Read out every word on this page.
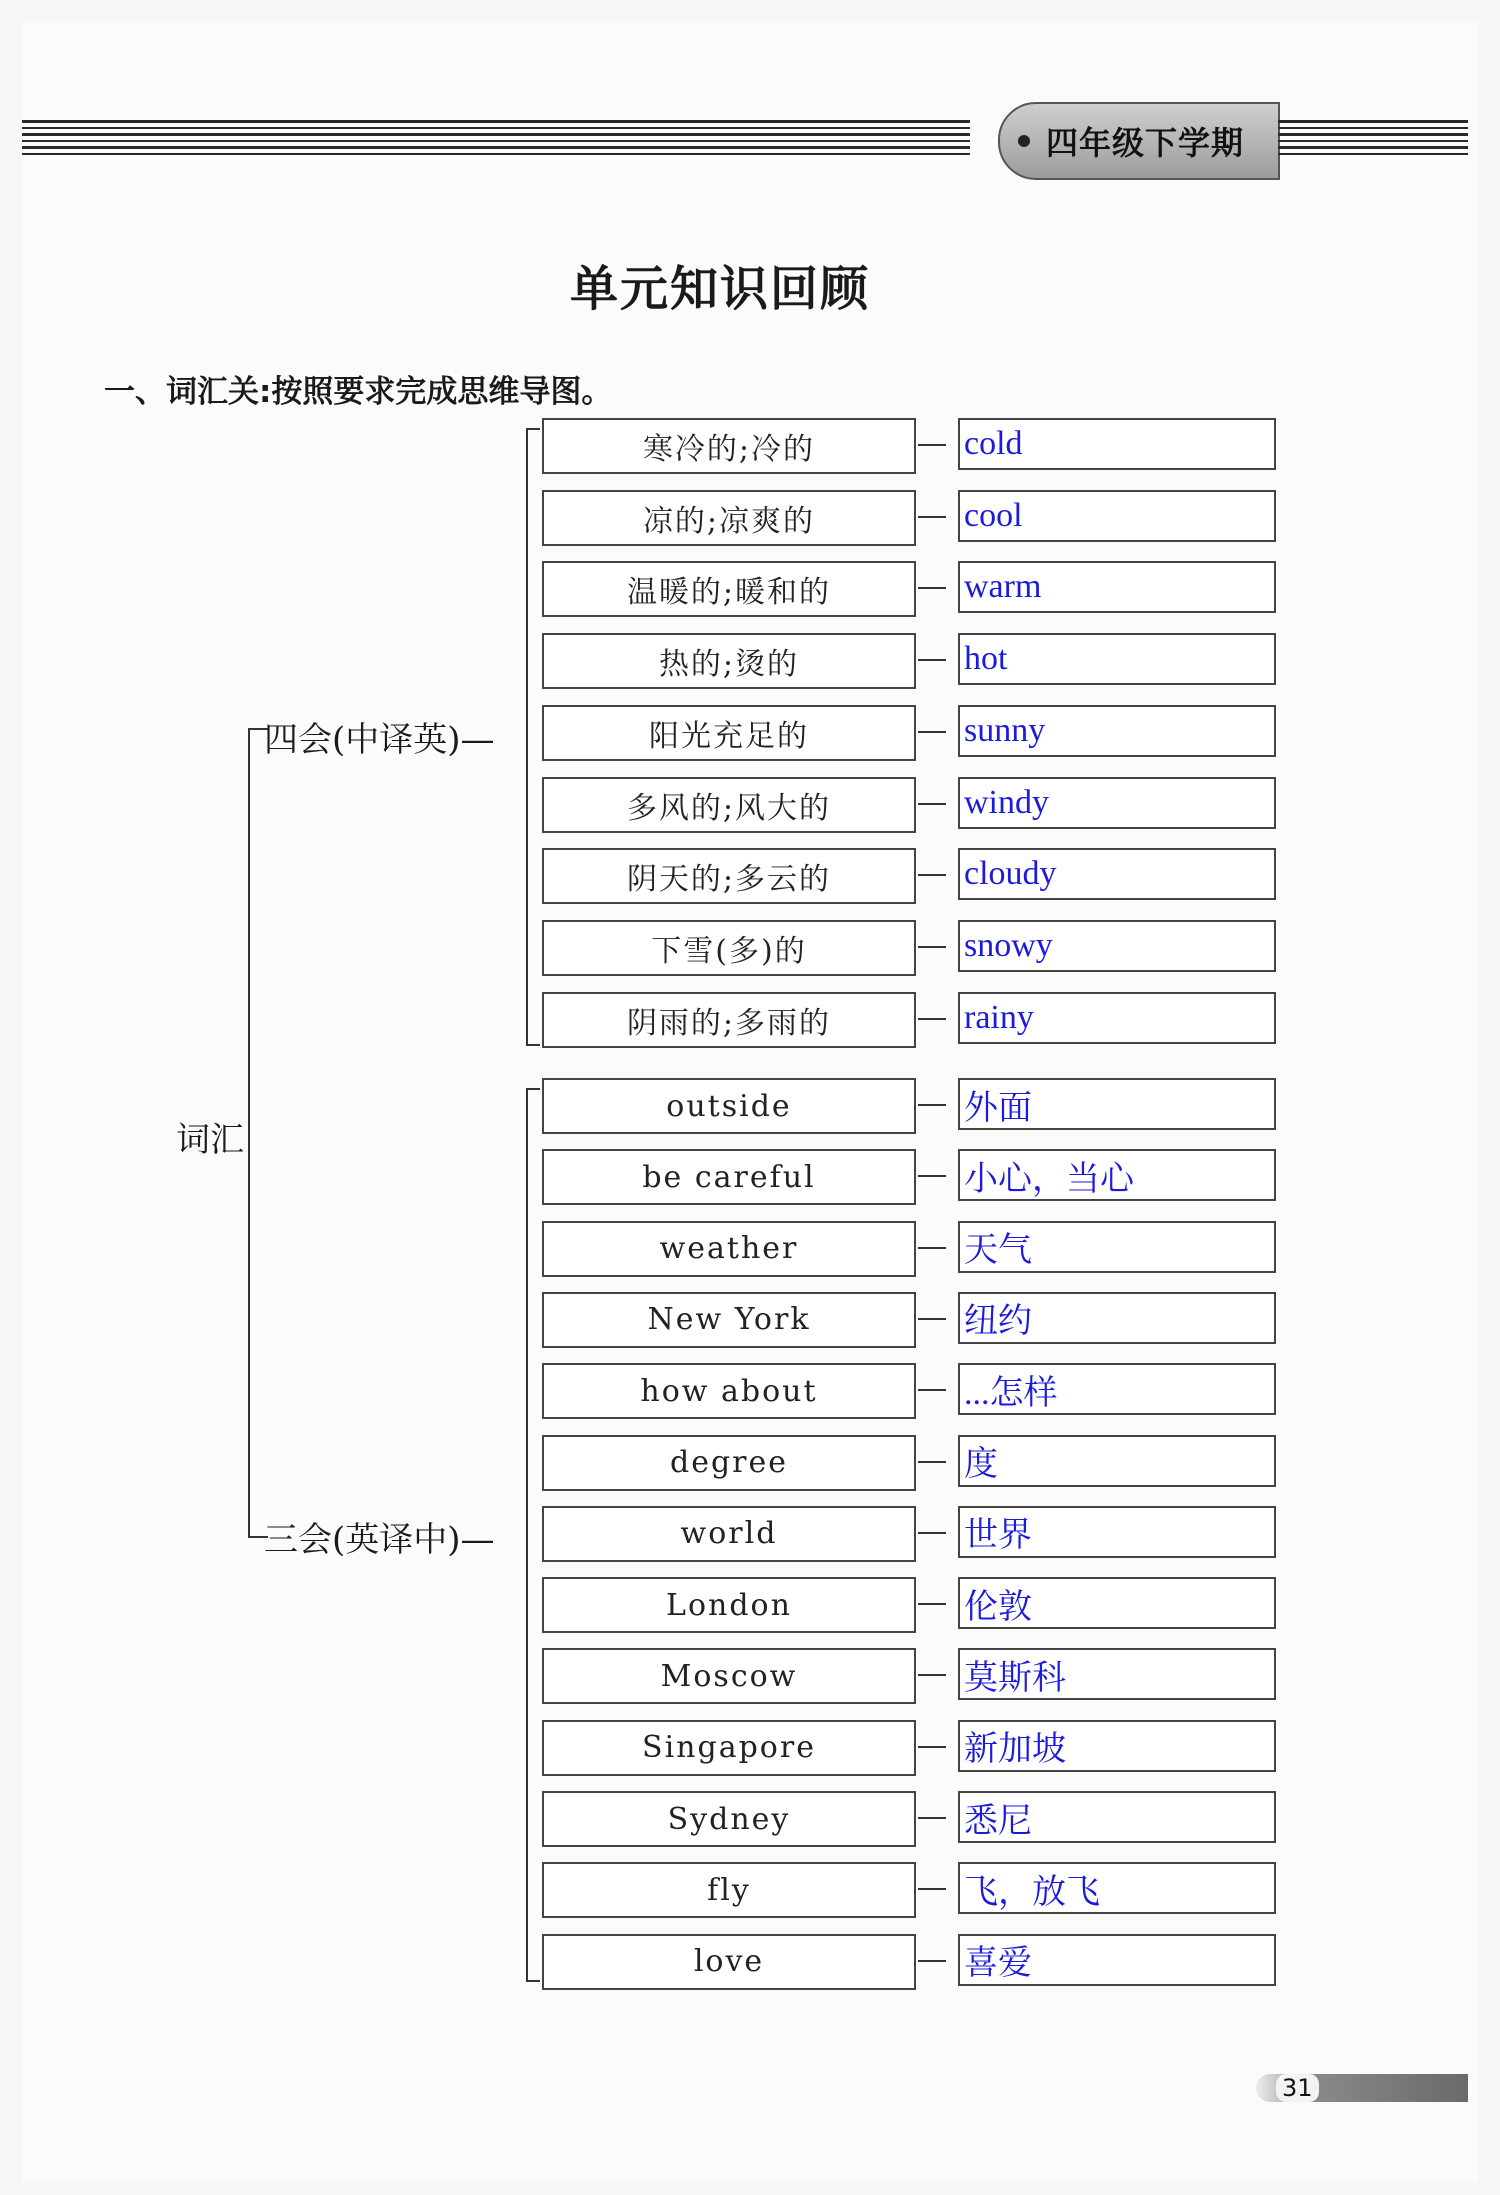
四年级下学期
单元知识回顾
一、词汇关:按照要求完成思维导图。
词汇
四会(中译英)—
三会(英译中)—
寒冷的;冷的	cold
凉的;凉爽的	cool
温暖的;暖和的	warm
热的;烫的	hot
阳光充足的	sunny
多风的;风大的	windy
阴天的;多云的	cloudy
下雪(多)的	snowy
阴雨的;多雨的	rainy
outside	外面
be careful	小心，当心
weather	天气
New York	纽约
how about	...怎样
degree	度
world	世界
London	伦敦
Moscow	莫斯科
Singapore	新加坡
Sydney	悉尼
fly	飞，放飞
love	喜爱
31
